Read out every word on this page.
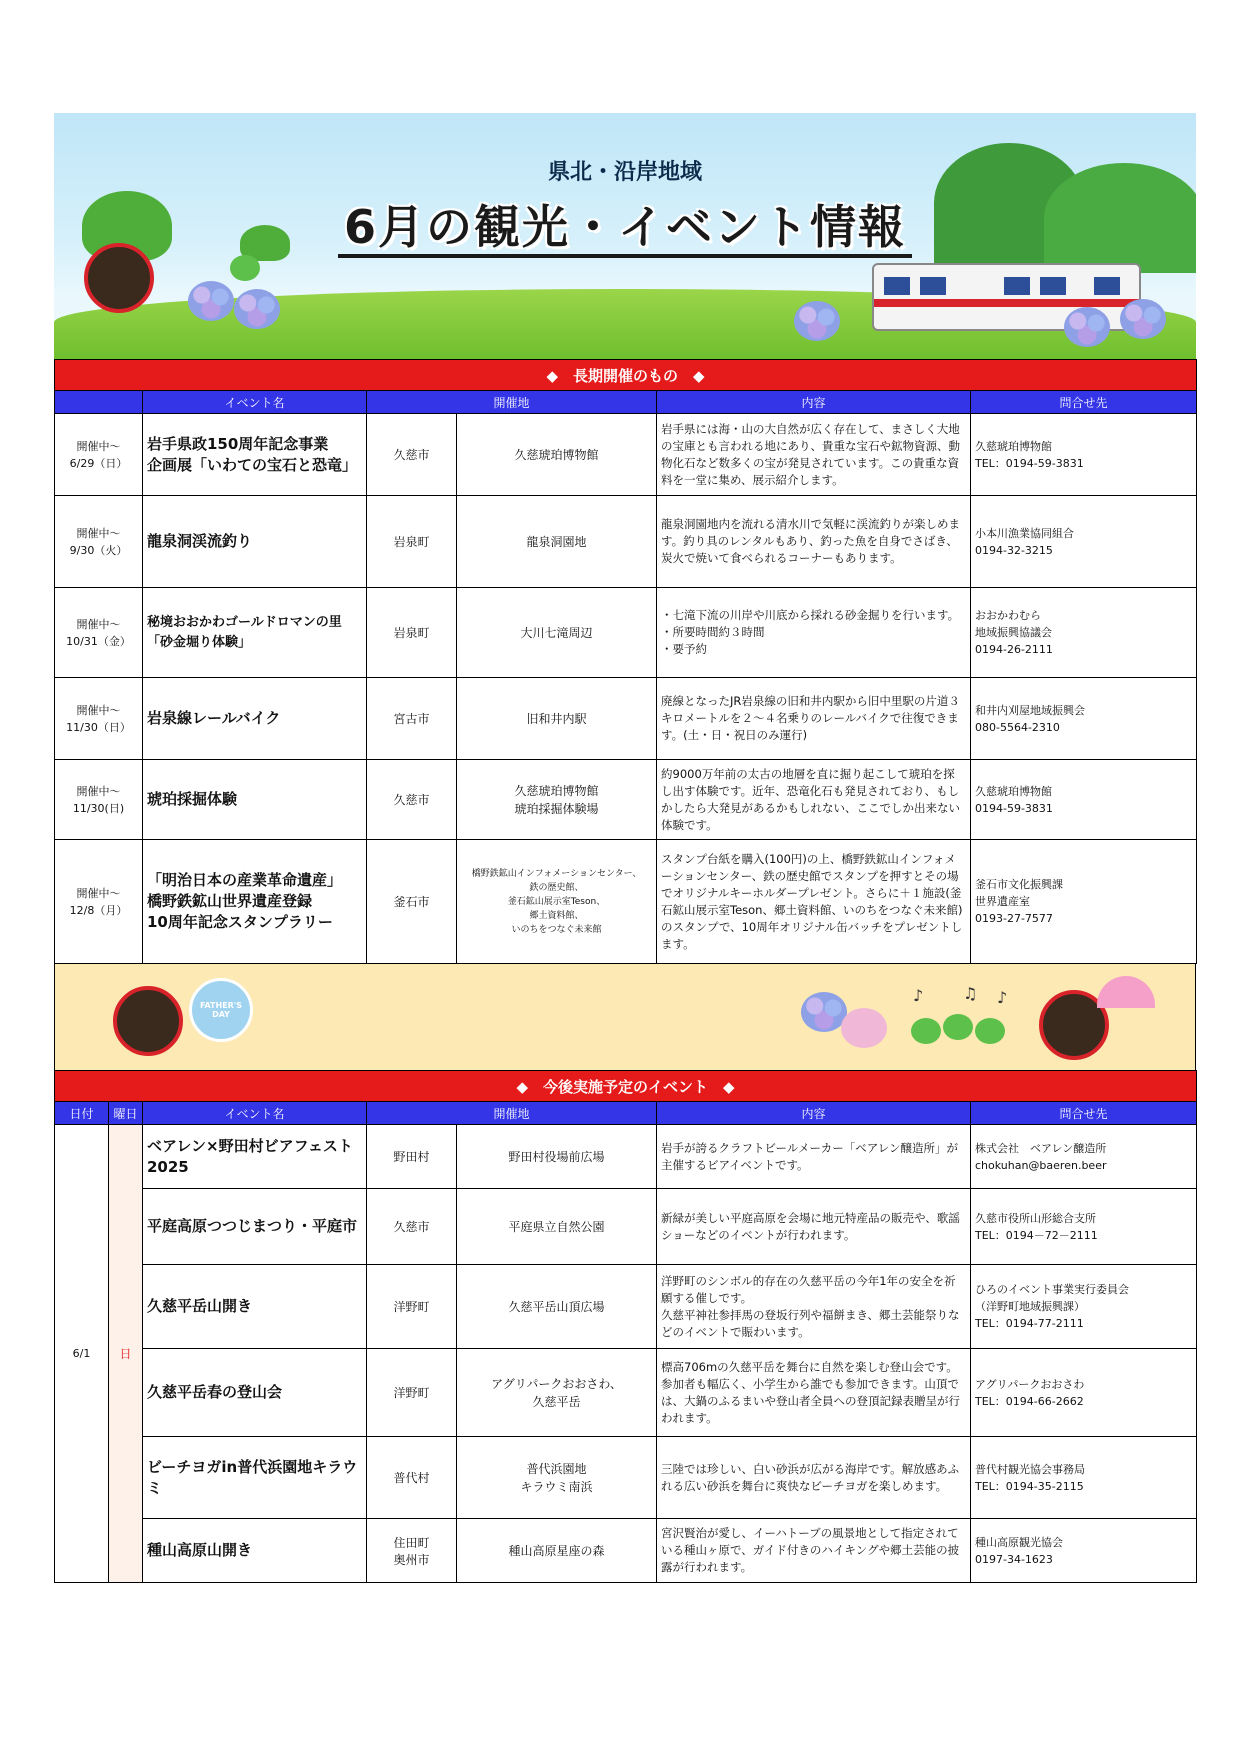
県北・沿岸地域
6月の観光・イベント情報
◆　長期開催のもの　◆					
	イベント名	開催地		内容	問合せ先
開催中～
6/29（日）	岩手県政150周年記念事業
企画展「いわての宝石と恐竜」	久慈市	久慈琥珀博物館	岩手県には海・山の大自然が広く存在して、まさしく大地の宝庫とも言われる地にあり、貴重な宝石や鉱物資源、動物化石など数多くの宝が発見されています。この貴重な資料を一堂に集め、展示紹介します。	久慈琥珀博物館
TEL：0194-59-3831
開催中～
9/30（火）	龍泉洞渓流釣り	岩泉町	龍泉洞園地	龍泉洞園地内を流れる清水川で気軽に渓流釣りが楽しめます。釣り具のレンタルもあり、釣った魚を自身でさばき、炭火で焼いて食べられるコーナーもあります。	小本川漁業協同組合
0194-32-3215
開催中～
10/31（金）	秘境おおかわゴールドロマンの里
「砂金堀り体験」	岩泉町	大川七滝周辺	・七滝下流の川岸や川底から採れる砂金掘りを行います。
・所要時間約３時間
・要予約	おおかわむら
地域振興協議会
0194-26-2111
開催中～
11/30（日）	岩泉線レールバイク	宮古市	旧和井内駅	廃線となったJR岩泉線の旧和井内駅から旧中里駅の片道３キロメートルを２～４名乗りのレールバイクで往復できます。(土・日・祝日のみ運行)	和井内刈屋地域振興会
080-5564-2310
開催中～
11/30(日)	琥珀採掘体験	久慈市	久慈琥珀博物館
琥珀採掘体験場	約9000万年前の太古の地層を直に掘り起こして琥珀を探し出す体験です。近年、恐竜化石も発見されており、もしかしたら大発見があるかもしれない、ここでしか出来ない体験です。	久慈琥珀博物館
0194-59-3831
開催中～
12/8（月）	「明治日本の産業革命遺産」
橋野鉄鉱山世界遺産登録
10周年記念スタンプラリー	釜石市	橋野鉄鉱山インフォメーションセンター、
鉄の歴史館、
釜石鉱山展示室Teson、
郷土資料館、
いのちをつなぐ未来館	スタンプ台紙を購入(100円)の上、橋野鉄鉱山インフォメーションセンター、鉄の歴史館でスタンプを押すとその場でオリジナルキーホルダープレゼント。さらに＋１施設(釜石鉱山展示室Teson、郷土資料館、いのちをつなぐ未来館)のスタンプで、10周年オリジナル缶バッチをプレゼントします。	釜石市文化振興課
世界遺産室
0193-27-7577
FATHER'S DAY
♪ ♫ ♪
◆　今後実施予定のイベント　◆						
日付	曜日	イベント名	開催地		内容	問合せ先
6/1	日	ベアレン×野田村ビアフェスト2025	野田村	野田村役場前広場	岩手が誇るクラフトビールメーカー「ベアレン醸造所」が主催するビアイベントです。	株式会社　ベアレン醸造所
chokuhan@baeren.beer
		平庭高原つつじまつり・平庭市	久慈市	平庭県立自然公園	新緑が美しい平庭高原を会場に地元特産品の販売や、歌謡ショーなどのイベントが行われます。	久慈市役所山形総合支所
TEL：0194－72－2111
		久慈平岳山開き	洋野町	久慈平岳山頂広場	洋野町のシンボル的存在の久慈平岳の今年1年の安全を祈願する催しです。
久慈平神社参拝馬の登坂行列や福餅まき、郷土芸能祭りなどのイベントで賑わいます。	ひろのイベント事業実行委員会
（洋野町地域振興課）
TEL：0194-77-2111
		久慈平岳春の登山会	洋野町	アグリパークおおさわ、
久慈平岳	標高706mの久慈平岳を舞台に自然を楽しむ登山会です。参加者も幅広く、小学生から誰でも参加できます。山頂では、大鍋のふるまいや登山者全員への登頂記録表贈呈が行われます。	アグリパークおおさわ
TEL：0194-66-2662
		ビーチヨガin普代浜園地キラウミ	普代村	普代浜園地
キラウミ南浜	三陸では珍しい、白い砂浜が広がる海岸です。解放感あふれる広い砂浜を舞台に爽快なビーチヨガを楽しめます。	普代村観光協会事務局
TEL：0194-35-2115
		種山高原山開き	住田町
奥州市	種山高原星座の森	宮沢賢治が愛し、イーハトーブの風景地として指定されている種山ヶ原で、ガイド付きのハイキングや郷土芸能の披露が行われます。	種山高原観光協会
0197-34-1623
